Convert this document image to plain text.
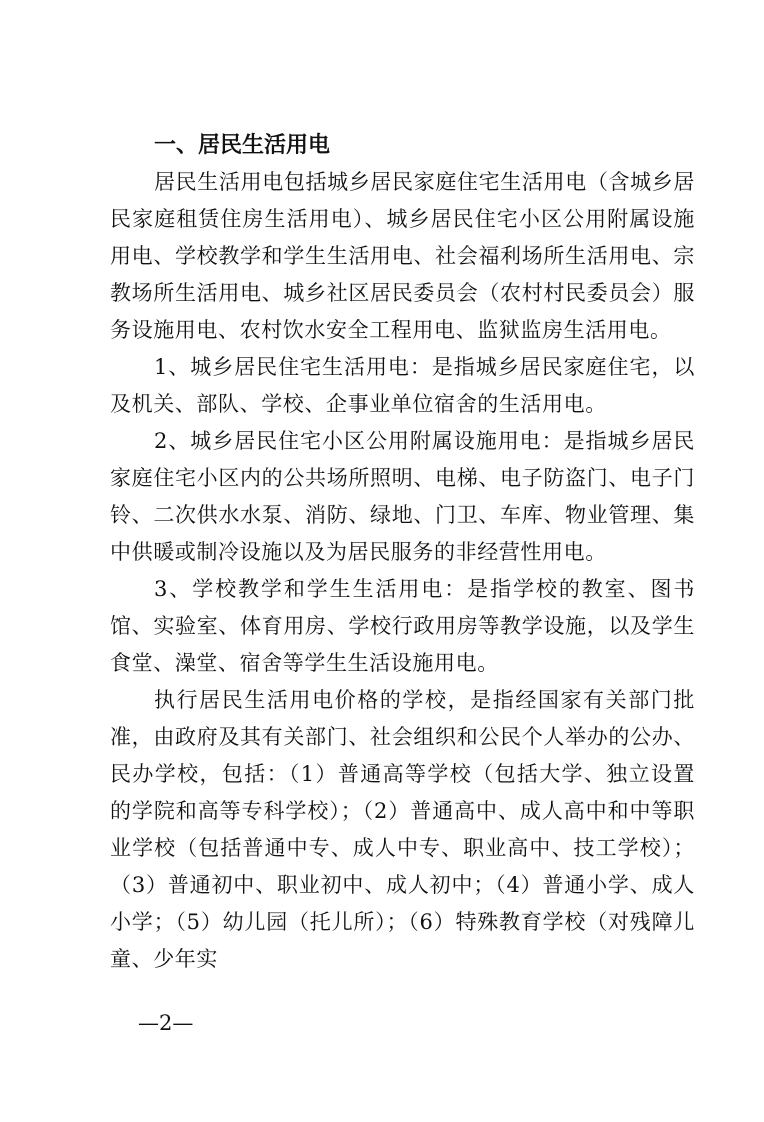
一、居民生活用电

居民生活用电包括城乡居民家庭住宅生活用电（含城乡居民家庭租赁住房生活用电）、城乡居民住宅小区公用附属设施用电、学校教学和学生生活用电、社会福利场所生活用电、宗教场所生活用电、城乡社区居民委员会（农村村民委员会）服务设施用电、农村饮水安全工程用电、监狱监房生活用电。

1、城乡居民住宅生活用电：是指城乡居民家庭住宅，以及机关、部队、学校、企事业单位宿舍的生活用电。

2、城乡居民住宅小区公用附属设施用电：是指城乡居民家庭住宅小区内的公共场所照明、电梯、电子防盗门、电子门铃、二次供水水泵、消防、绿地、门卫、车库、物业管理、集中供暖或制冷设施以及为居民服务的非经营性用电。

3、学校教学和学生生活用电：是指学校的教室、图书馆、实验室、体育用房、学校行政用房等教学设施，以及学生食堂、澡堂、宿舍等学生生活设施用电。

执行居民生活用电价格的学校，是指经国家有关部门批准，由政府及其有关部门、社会组织和公民个人举办的公办、民办学校，包括：（1）普通高等学校（包括大学、独立设置的学院和高等专科学校）；（2）普通高中、成人高中和中等职业学校（包括普通中专、成人中专、职业高中、技工学校）；（3）普通初中、职业初中、成人初中；（4）普通小学、成人小学；（5）幼儿园（托儿所）；（6）特殊教育学校（对残障儿童、少年实

—2—
